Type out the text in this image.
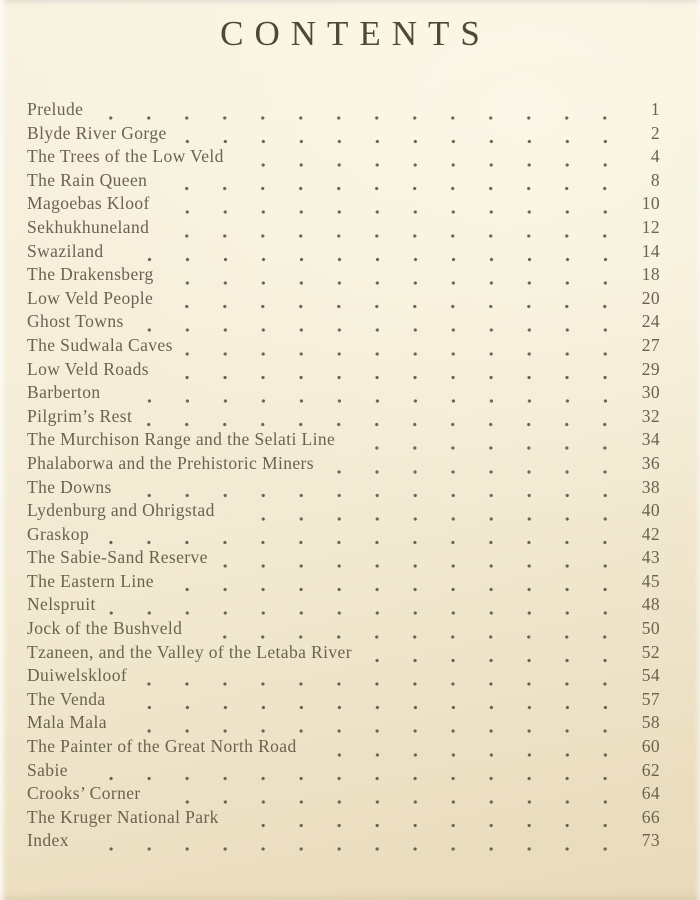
CONTENTS
Prelude	1
Blyde River Gorge	2
The Trees of the Low Veld	4
The Rain Queen	8
Magoebas Kloof	10
Sekhukhuneland	12
Swaziland	14
The Drakensberg	18
Low Veld People	20
Ghost Towns	24
The Sudwala Caves	27
Low Veld Roads	29
Barberton	30
Pilgrim’s Rest	32
The Murchison Range and the Selati Line	34
Phalaborwa and the Prehistoric Miners	36
The Downs	38
Lydenburg and Ohrigstad	40
Graskop	42
The Sabie-Sand Reserve	43
The Eastern Line	45
Nelspruit	48
Jock of the Bushveld	50
Tzaneen, and the Valley of the Letaba River	52
Duiwelskloof	54
The Venda	57
Mala Mala	58
The Painter of the Great North Road	60
Sabie	62
Crooks’ Corner	64
The Kruger National Park	66
Index	73
